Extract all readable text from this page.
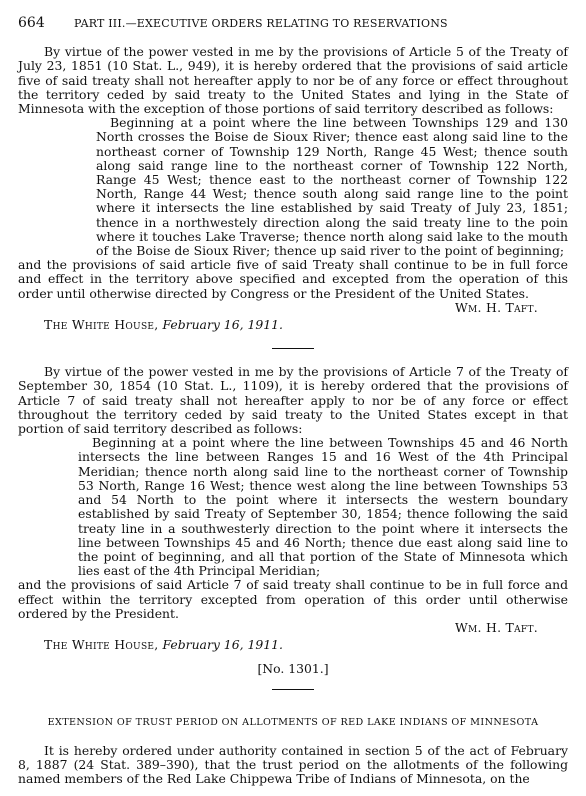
664	PART III.—EXECUTIVE ORDERS RELATING TO RESERVATIONS

By virtue of the power vested in me by the provisions of Article 5 of the Treaty of July 23, 1851 (10 Stat. L., 949), it is hereby ordered that the provisions of said article five of said treaty shall not hereafter apply to nor be of any force or effect throughout the territory ceded by said treaty to the United States and lying in the State of Minnesota with the exception of those portions of said territory described as follows:

Beginning at a point where the line between Townships 129 and 130 North crosses the Boise de Sioux River; thence east along said line to the northeast corner of Township 129 North, Range 45 West; thence south along said range line to the northeast corner of Township 122 North, Range 45 West; thence east to the northeast corner of Township 122 North, Range 44 West; thence south along said range line to the point where it intersects the line established by said Treaty of July 23, 1851; thence in a northwestely direction along the said treaty line to the poin where it touches Lake Traverse; thence north along said lake to the mouth of the Boise de Sioux River; thence up said river to the point of beginning;

and the provisions of said article five of said Treaty shall continue to be in full force and effect in the territory above specified and excepted from the operation of this order until otherwise directed by Congress or the President of the United States.

Wm. H. Taft.

The White House, February 16, 1911.

By virtue of the power vested in me by the provisions of Article 7 of the Treaty of September 30, 1854 (10 Stat. L., 1109), it is hereby ordered that the provisions of Article 7 of said treaty shall not hereafter apply to nor be of any force or effect throughout the territory ceded by said treaty to the United States except in that portion of said territory described as follows:

Beginning at a point where the line between Townships 45 and 46 North intersects the line between Ranges 15 and 16 West of the 4th Principal Meridian; thence north along said line to the northeast corner of Township 53 North, Range 16 West; thence west along the line between Townships 53 and 54 North to the point where it intersects the western boundary established by said Treaty of September 30, 1854; thence following the said treaty line in a southwesterly direction to the point where it intersects the line between Townships 45 and 46 North; thence due east along said line to the point of beginning, and all that portion of the State of Minnesota which lies east of the 4th Principal Meridian;

and the provisions of said Article 7 of said treaty shall continue to be in full force and effect within the territory excepted from operation of this order until otherwise ordered by the President.

Wm. H. Taft.

The White House, February 16, 1911.

[No. 1301.]

EXTENSION OF TRUST PERIOD ON ALLOTMENTS OF RED LAKE INDIANS OF MINNESOTA

It is hereby ordered under authority contained in section 5 of the act of February 8, 1887 (24 Stat. 389–390), that the trust period on the allotments of the following named members of the Red Lake Chippewa Tribe of Indians of Minnesota, on the
